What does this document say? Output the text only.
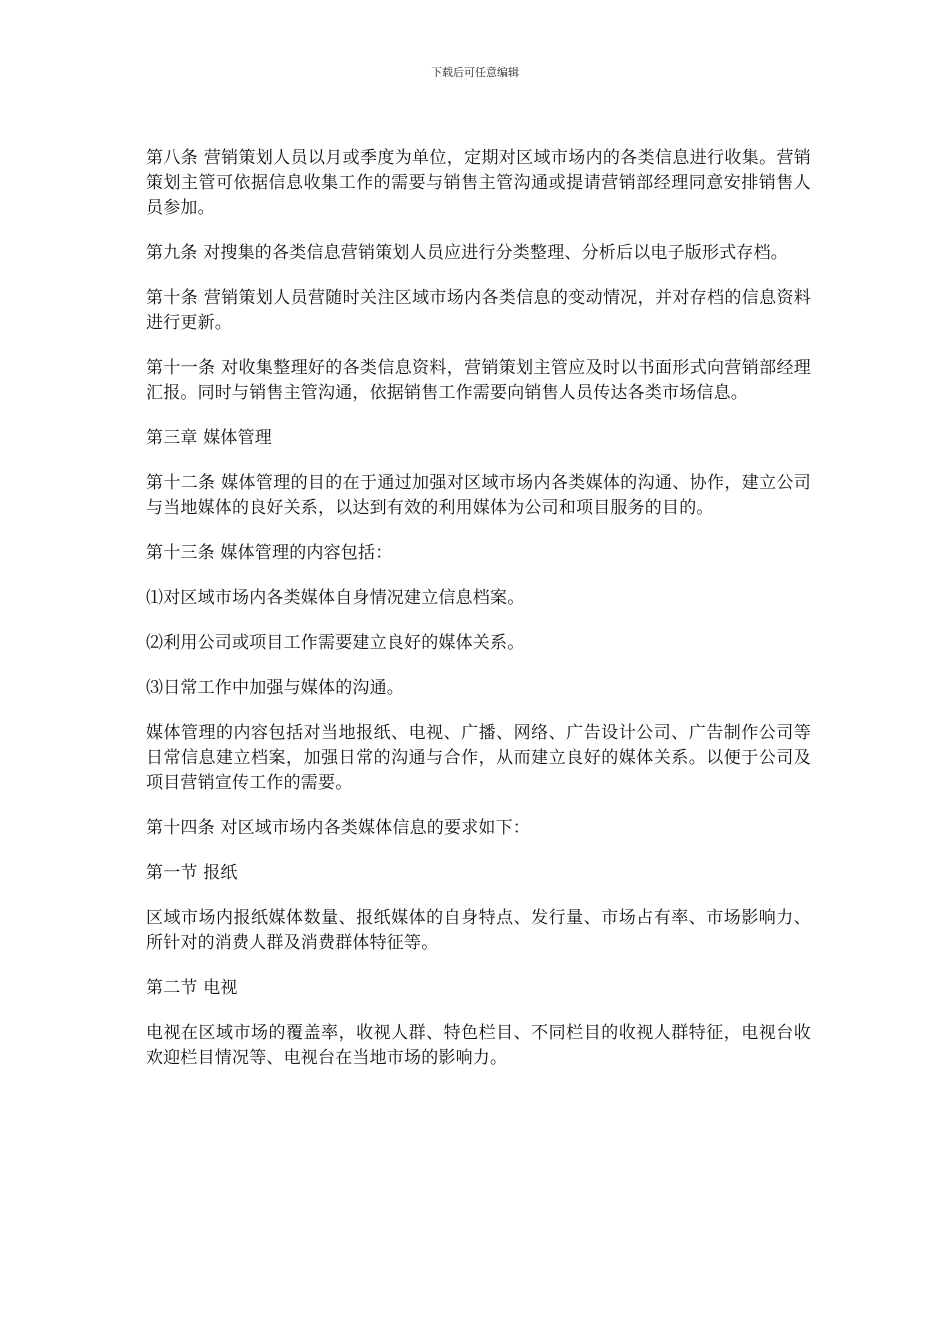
下载后可任意编辑

第八条 营销策划人员以月或季度为单位，定期对区域市场内的各类信息进行收集。营销策划主管可依据信息收集工作的需要与销售主管沟通或提请营销部经理同意安排销售人员参加。

第九条 对搜集的各类信息营销策划人员应进行分类整理、分析后以电子版形式存档。

第十条 营销策划人员营随时关注区域市场内各类信息的变动情况，并对存档的信息资料进行更新。

第十一条 对收集整理好的各类信息资料，营销策划主管应及时以书面形式向营销部经理汇报。同时与销售主管沟通，依据销售工作需要向销售人员传达各类市场信息。

第三章 媒体管理

第十二条 媒体管理的目的在于通过加强对区域市场内各类媒体的沟通、协作，建立公司与当地媒体的良好关系，以达到有效的利用媒体为公司和项目服务的目的。

第十三条 媒体管理的内容包括：

⑴对区域市场内各类媒体自身情况建立信息档案。

⑵利用公司或项目工作需要建立良好的媒体关系。

⑶日常工作中加强与媒体的沟通。

媒体管理的内容包括对当地报纸、电视、广播、网络、广告设计公司、广告制作公司等日常信息建立档案，加强日常的沟通与合作，从而建立良好的媒体关系。以便于公司及项目营销宣传工作的需要。

第十四条 对区域市场内各类媒体信息的要求如下：

第一节 报纸

区域市场内报纸媒体数量、报纸媒体的自身特点、发行量、市场占有率、市场影响力、所针对的消费人群及消费群体特征等。

第二节 电视

电视在区域市场的覆盖率，收视人群、特色栏目、不同栏目的收视人群特征，电视台收欢迎栏目情况等、电视台在当地市场的影响力。
